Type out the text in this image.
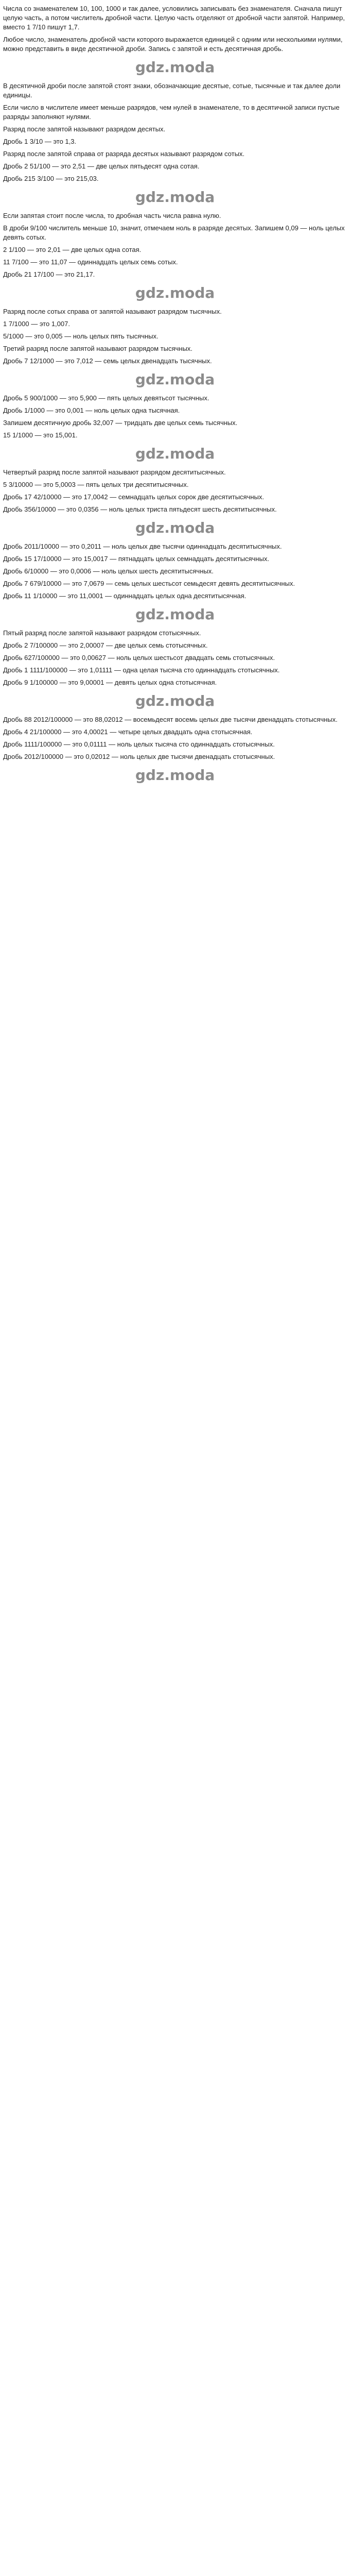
Числа со знаменателем 10, 100, 1000 и так далее, условились записывать без знаменателя. Сначала пишут целую часть, а потом числитель дробной части. Целую часть отделяют от дробной части запятой. Например, вместо 1 7/10 пишут 1,7.
Любое число, знаменатель дробной части которого выражается единицей с одним или несколькими нулями, можно представить в виде десятичной дроби. Запись с запятой и есть десятичная дробь.
gdz.moda
В десятичной дроби после запятой стоят знаки, обозначающие десятые, сотые, тысячные и так далее доли единицы.
Если число в числителе имеет меньше разрядов, чем нулей в знаменателе, то в десятичной записи пустые разряды заполняют нулями.
Разряд после запятой называют разрядом десятых.
Дробь 1 3/10 — это 1,3.
Разряд после запятой справа от разряда десятых называют разрядом сотых.
Дробь 2 51/100 — это 2,51 — две целых пятьдесят одна сотая.
Дробь 215 3/100 — это 215,03.
gdz.moda
Если запятая стоит после числа, то дробная часть числа равна нулю.
В дроби 9/100 числитель меньше 10, значит, отмечаем ноль в разряде десятых. Запишем 0,09 — ноль целых девять сотых.
2 1/100 — это 2,01 — две целых одна сотая.
11 7/100 — это 11,07 — одиннадцать целых семь сотых.
Дробь 21 17/100 — это 21,17.
gdz.moda
Разряд после сотых справа от запятой называют разрядом тысячных.
1 7/1000 — это 1,007.
5/1000 — это 0,005 — ноль целых пять тысячных.
Третий разряд после запятой называют разрядом тысячных.
Дробь 7 12/1000 — это 7,012 — семь целых двенадцать тысячных.
gdz.moda
Дробь 5 900/1000 — это 5,900 — пять целых девятьсот тысячных.
Дробь 1/1000 — это 0,001 — ноль целых одна тысячная.
Запишем десятичную дробь 32,007 — тридцать две целых семь тысячных.
15 1/1000 — это 15,001.
gdz.moda
Четвертый разряд после запятой называют разрядом десятитысячных.
5 3/10000 — это 5,0003 — пять целых три десятитысячных.
Дробь 17 42/10000 — это 17,0042 — семнадцать целых сорок две десятитысячных.
Дробь 356/10000 — это 0,0356 — ноль целых триста пятьдесят шесть десятитысячных.
gdz.moda
Дробь 2011/10000 — это 0,2011 — ноль целых две тысячи одиннадцать десятитысячных.
Дробь 15 17/10000 — это 15,0017 — пятнадцать целых семнадцать десятитысячных.
Дробь 6/10000 — это 0,0006 — ноль целых шесть десятитысячных.
Дробь 7 679/10000 — это 7,0679 — семь целых шестьсот семьдесят девять десятитысячных.
Дробь 11 1/10000 — это 11,0001 — одиннадцать целых одна десятитысячная.
gdz.moda
Пятый разряд после запятой называют разрядом стотысячных.
Дробь 2 7/100000 — это 2,00007 — две целых семь стотысячных.
Дробь 627/100000 — это 0,00627 — ноль целых шестьсот двадцать семь стотысячных.
Дробь 1 1111/100000 — это 1,01111 — одна целая тысяча сто одиннадцать стотысячных.
Дробь 9 1/100000 — это 9,00001 — девять целых одна стотысячная.
gdz.moda
Дробь 88 2012/100000 — это 88,02012 — восемьдесят восемь целых две тысячи двенадцать стотысячных.
Дробь 4 21/100000 — это 4,00021 — четыре целых двадцать одна стотысячная.
Дробь 1111/100000 — это 0,01111 — ноль целых тысяча сто одиннадцать стотысячных.
Дробь 2012/100000 — это 0,02012 — ноль целых две тысячи двенадцать стотысячных.
gdz.moda
